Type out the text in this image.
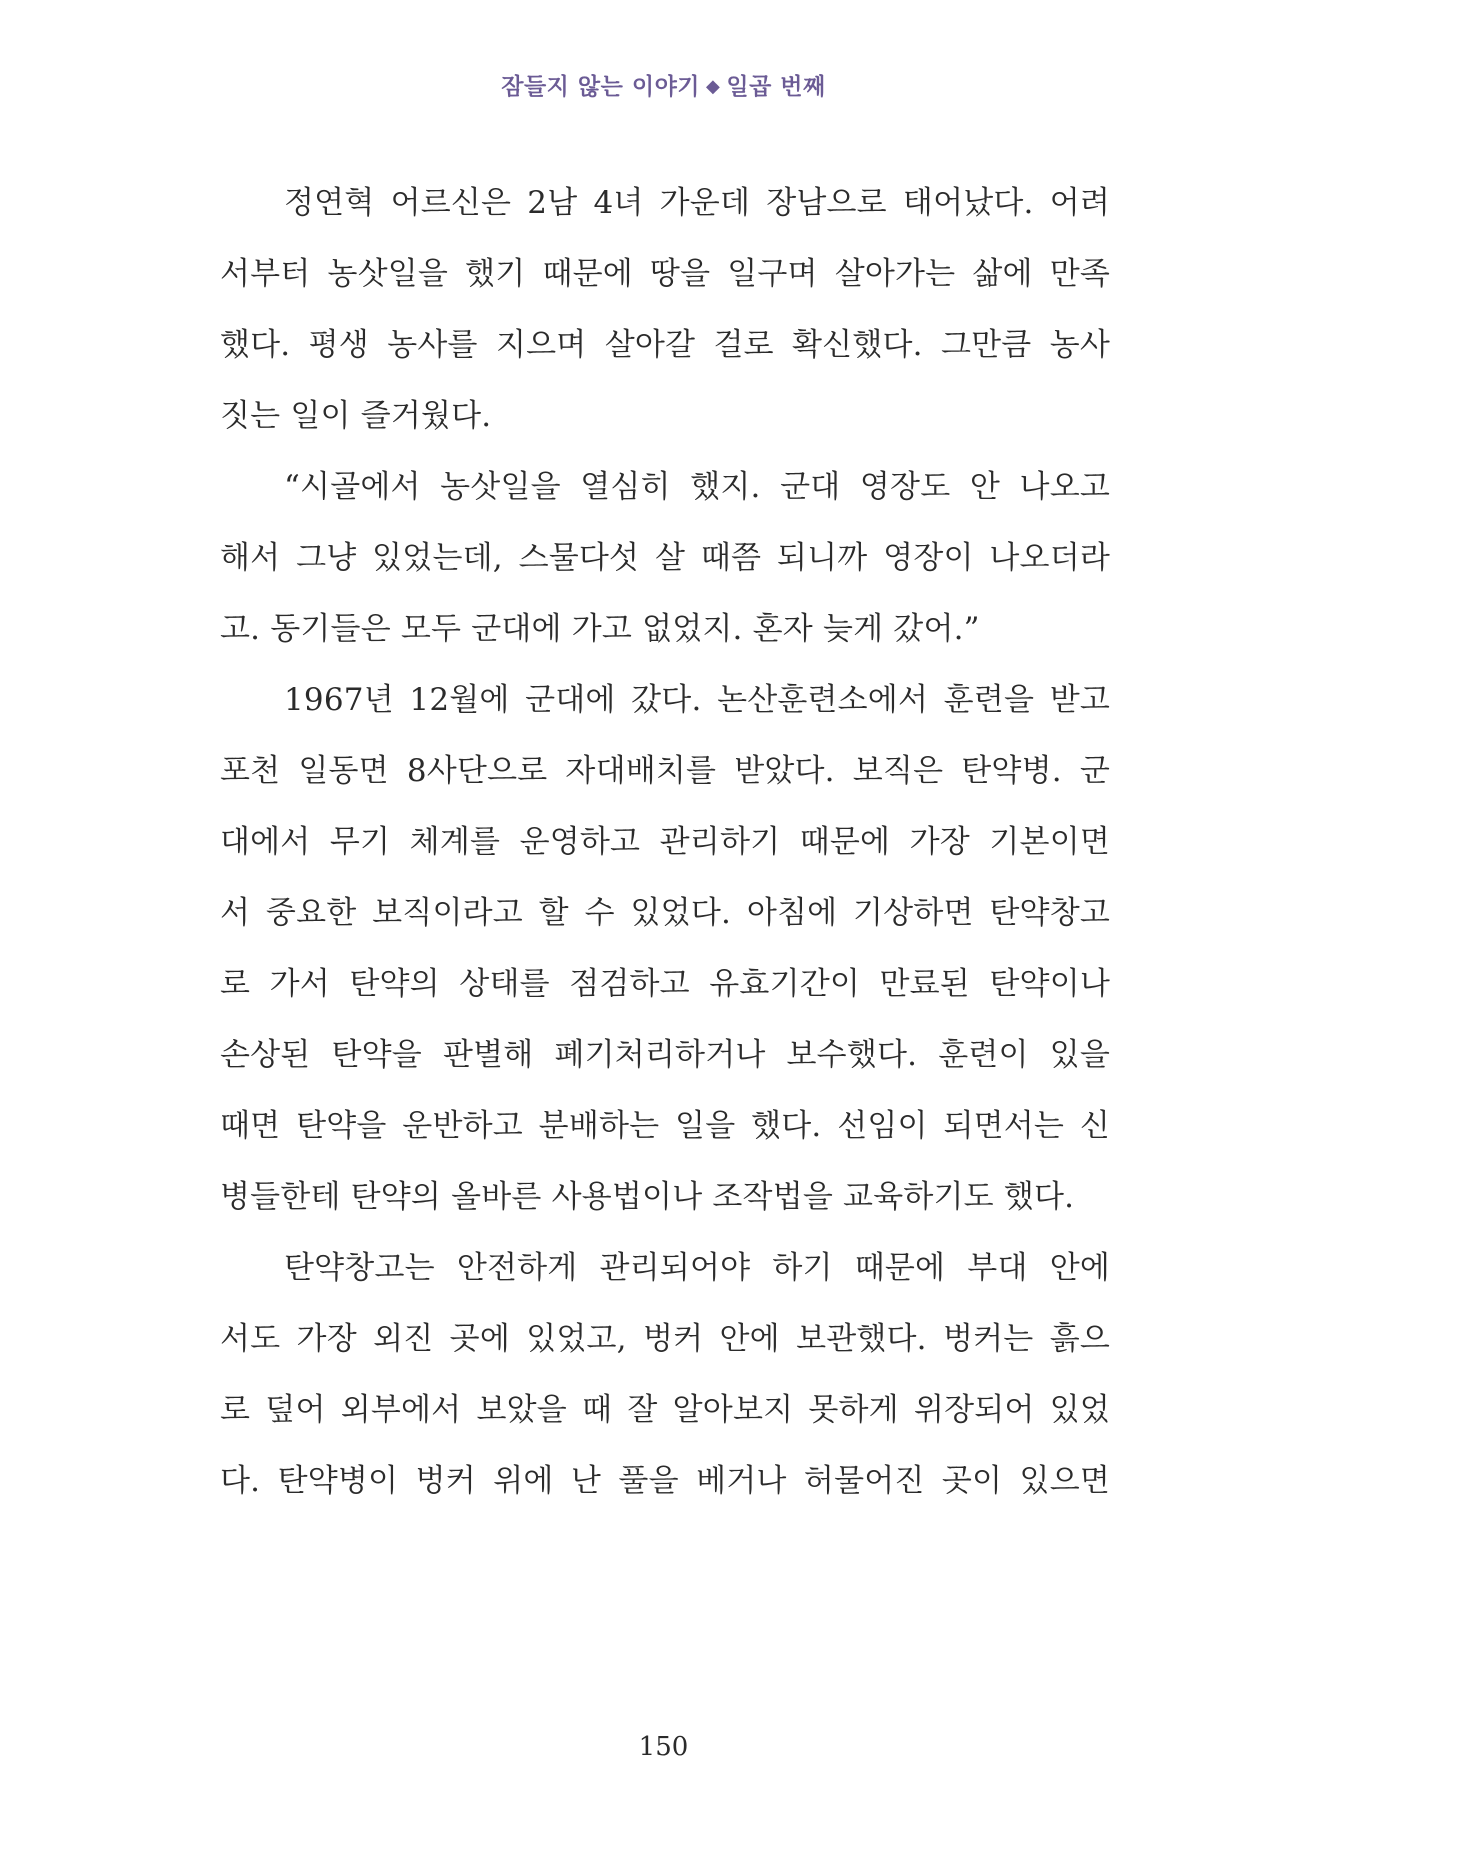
잠들지 않는 이야기 ◆ 일곱 번째
정연혁 어르신은 2남 4녀 가운데 장남으로 태어났다. 어려
서부터 농삿일을 했기 때문에 땅을 일구며 살아가는 삶에 만족
했다. 평생 농사를 지으며 살아갈 걸로 확신했다. 그만큼 농사
짓는 일이 즐거웠다.
“시골에서 농삿일을 열심히 했지. 군대 영장도 안 나오고
해서 그냥 있었는데, 스물다섯 살 때쯤 되니까 영장이 나오더라
고. 동기들은 모두 군대에 가고 없었지. 혼자 늦게 갔어.”
1967년 12월에 군대에 갔다. 논산훈련소에서 훈련을 받고
포천 일동면 8사단으로 자대배치를 받았다. 보직은 탄약병. 군
대에서 무기 체계를 운영하고 관리하기 때문에 가장 기본이면
서 중요한 보직이라고 할 수 있었다. 아침에 기상하면 탄약창고
로 가서 탄약의 상태를 점검하고 유효기간이 만료된 탄약이나
손상된 탄약을 판별해 폐기처리하거나 보수했다. 훈련이 있을
때면 탄약을 운반하고 분배하는 일을 했다. 선임이 되면서는 신
병들한테 탄약의 올바른 사용법이나 조작법을 교육하기도 했다.
탄약창고는 안전하게 관리되어야 하기 때문에 부대 안에
서도 가장 외진 곳에 있었고, 벙커 안에 보관했다. 벙커는 흙으
로 덮어 외부에서 보았을 때 잘 알아보지 못하게 위장되어 있었
다. 탄약병이 벙커 위에 난 풀을 베거나 허물어진 곳이 있으면
150
